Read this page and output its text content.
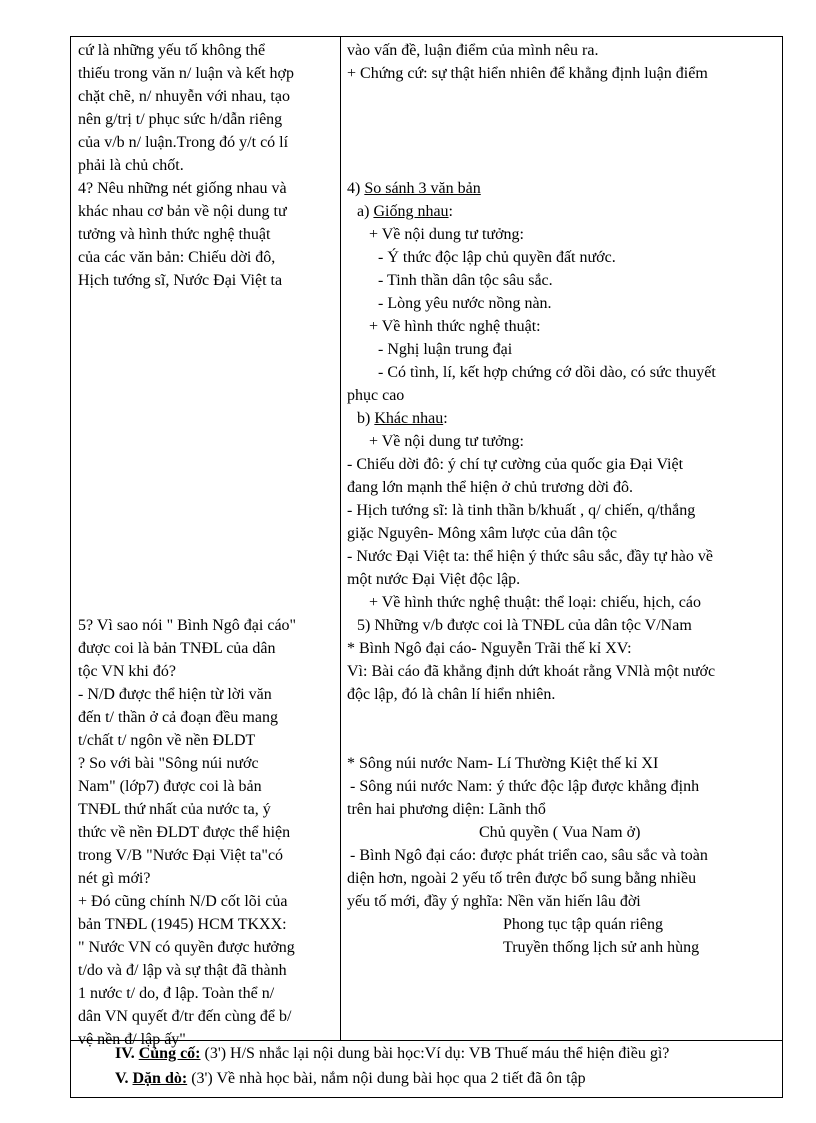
cứ là những yếu tố không thể
thiếu trong văn n/ luận và kết hợp
chặt chẽ, n/ nhuyễn với nhau, tạo
nên g/trị t/ phục sức h/dẫn riêng
của v/b n/ luận.Trong đó y/t có lí
phải là chủ chốt.
4? Nêu những nét giống nhau và
khác nhau cơ bản về nội dung tư
tưởng và hình thức nghệ thuật
của các văn bản: Chiếu dời đô,
Hịch tướng sĩ, Nước Đại Việt ta
5? Vì sao nói " Bình Ngô đại cáo"
được coi là bản TNĐL của dân
tộc VN khi đó?
- N/D được thể hiện từ lời văn
đến t/ thần ở cả đoạn đều mang
t/chất t/ ngôn về nền ĐLDT
? So với bài "Sông núi nước
Nam" (lớp7) được coi là bản
TNĐL thứ nhất của nước ta, ý
thức về nền ĐLDT được thể hiện
trong V/B "Nước Đại Việt ta"có
nét gì mới?
+ Đó cũng chính N/D cốt lõi của
bản TNĐL (1945) HCM TKXX:
" Nước VN có quyền được hưởng
t/do và đ/ lập và sự thật đã thành
1 nước t/ do, đ lập. Toàn thể n/
dân VN quyết đ/tr đến cùng để b/
vệ nền đ/ lập ấy"
vào vấn đề, luận điểm của mình nêu ra.
+ Chứng cứ: sự thật hiển nhiên để khẳng định luận điểm
4) So sánh 3 văn bản
a) Giống nhau:
+ Về nội dung tư tưởng:
- Ý thức độc lập chủ quyền đất nước.
- Tinh thần dân tộc sâu sắc.
- Lòng yêu nước nồng nàn.
+ Về hình thức nghệ thuật:
- Nghị luận trung đại
- Có tình, lí, kết hợp chứng cớ dồi dào, có sức thuyết
phục cao
b) Khác nhau:
+ Về nội dung tư tưởng:
- Chiếu dời đô: ý chí tự cường của quốc gia Đại Việt
đang lớn mạnh thể hiện ở chủ trương dời đô.
- Hịch tướng sĩ: là tinh thần b/khuất , q/ chiến, q/thắng
giặc Nguyên- Mông xâm lược của dân tộc
- Nước Đại Việt ta: thể hiện ý thức sâu sắc, đầy tự hào về
một nước Đại Việt độc lập.
+ Về hình thức nghệ thuật: thể loại: chiếu, hịch, cáo
5) Những v/b được coi là TNĐL của dân tộc V/Nam
* Bình Ngô đại cáo- Nguyễn Trãi thế kỉ XV:
Vì: Bài cáo đã khẳng định dứt khoát rằng VNlà một nước
độc lập, đó là chân lí hiển nhiên.
* Sông núi nước Nam- Lí Thường Kiệt thế kỉ XI
- Sông núi nước Nam: ý thức độc lập được khẳng định
trên hai phương diện: Lãnh thổ
Chủ quyền ( Vua Nam ở)
- Bình Ngô đại cáo: được phát triển cao, sâu sắc và toàn
diện hơn, ngoài 2 yếu tố trên được bổ sung bằng nhiều
yếu tố mới, đầy ý nghĩa: Nền văn hiến lâu đời
Phong tục tập quán riêng
Truyền thống lịch sử anh hùng
IV. Củng cố: (3') H/S nhắc lại nội dung bài học:Ví dụ: VB Thuế máu thể hiện điều gì?
V. Dặn dò: (3') Về nhà học bài, nắm nội dung bài học qua 2 tiết đã ôn tập
